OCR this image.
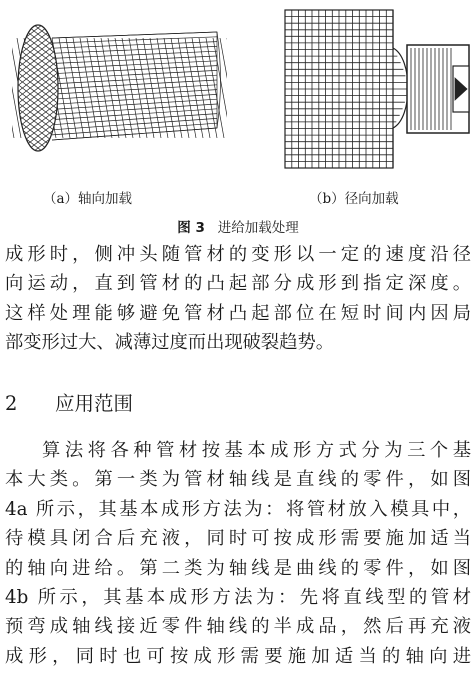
（a）轴向加载	（b）径向加载
图 3 进给加载处理
成形时，侧冲头随管材的变形以一定的速度沿径
向运动，直到管材的凸起部分成形到指定深度。
这样处理能够避免管材凸起部位在短时间内因局
部变形过大、减薄过度而出现破裂趋势。
2 应用范围
算法将各种管材按基本成形方式分为三个基
本大类。第一类为管材轴线是直线的零件，如图
4a 所示，其基本成形方法为：将管材放入模具中，
待模具闭合后充液，同时可按成形需要施加适当
的轴向进给。第二类为轴线是曲线的零件，如图
4b 所示，其基本成形方法为：先将直线型的管材
预弯成轴线接近零件轴线的半成品，然后再充液
成形，同时也可按成形需要施加适当的轴向进
